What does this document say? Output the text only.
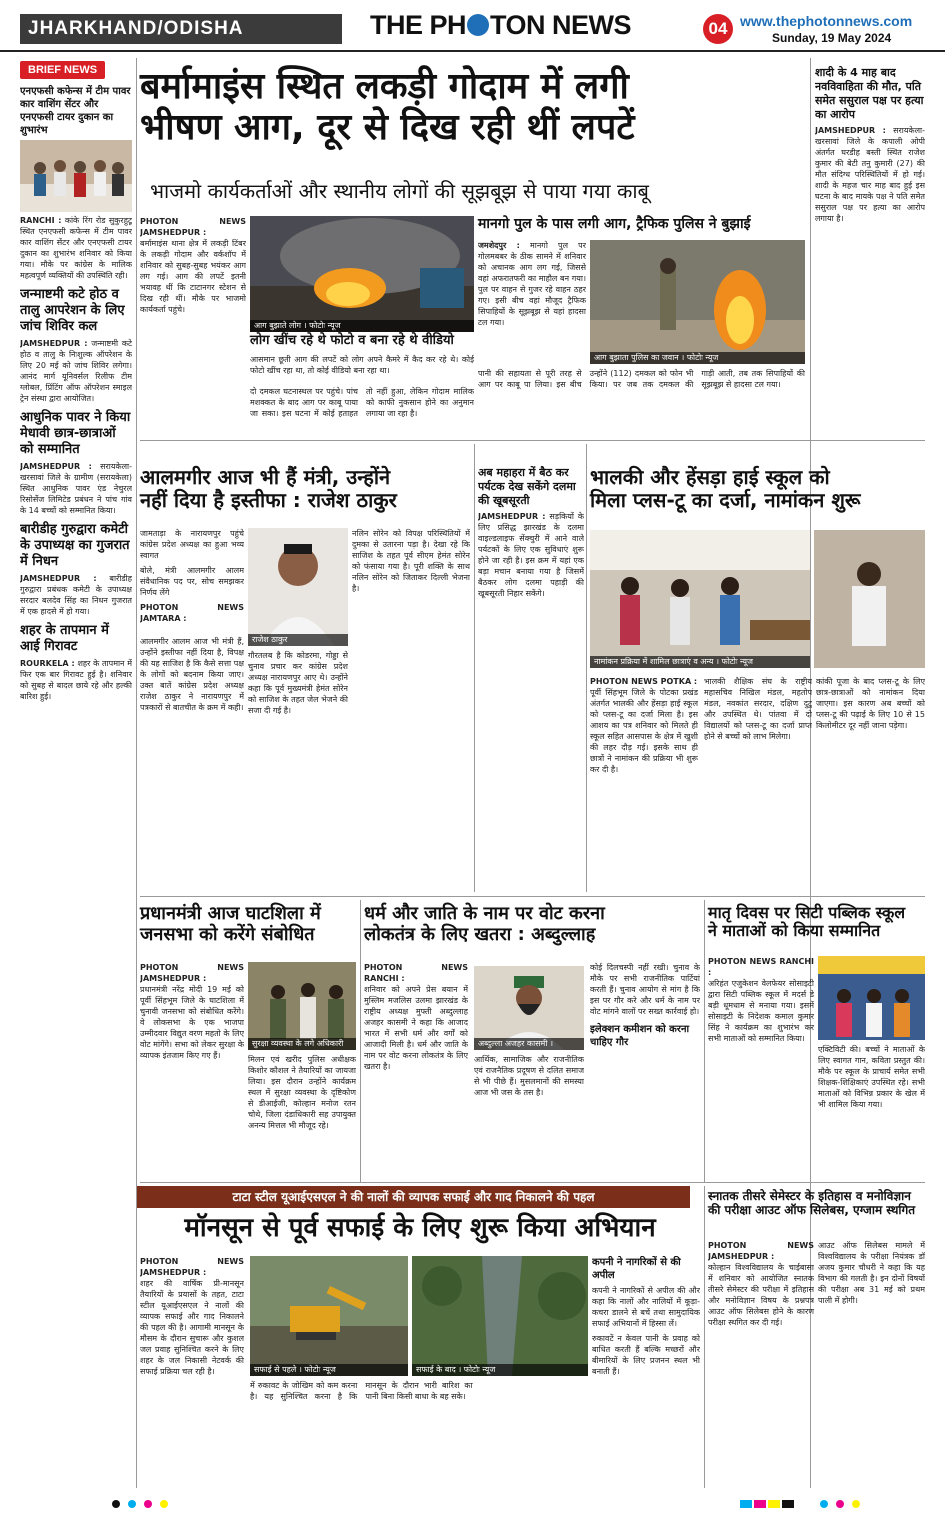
JHARKHAND/ODISHA	THE PH TON NEWS	04 www.thephotonnews.com
Sunday, 19 May 2024
BRIEF NEWS
एनएफसी कफेन्स में टीम पावर कार वाशिंग सेंटर और एनएफसी टायर दुकान का शुभारंभ

RANCHI : कांके रिंग रोड सुकुरहुटू स्थित एनएफसी कफेन्स में टीम पावर कार वाशिंग सेंटर और एनएफसी टायर दुकान का शुभारंभ शनिवार को किया गया। मौके पर कांग्रेस के मालिक महत्वपूर्ण व्यक्तियों की उपस्थिति रही।

जन्माष्टमी कटे होठ व तालु आपरेशन के लिए जांच शिविर कल

JAMSHEDPUR : जन्माष्टमी कटे होठ व तालु के निःशुल्क ऑपरेशन के लिए 20 मई को जांच शिविर लगेगा। आनंद मार्ग यूनिवर्सल रिलीफ टीम ग्लोबल, प्रिंटिंग ऑफ ऑपरेशन स्माइल ट्रेन संस्था द्वारा आयोजित।

आधुनिक पावर ने किया मेधावी छात्र-छात्राओं को सम्मानित

JAMSHEDPUR : सरायकेला-खरसावां जिले के ग्रामीण (सरायकेला) स्थित आधुनिक पावर एंड नेचुरल रिसोर्सेज लिमिटेड प्रबंधन ने पांच गांव के 14 बच्चों को सम्मानित किया।

बारीडीह गुरुद्वारा कमेटी के उपाध्यक्ष का गुजरात में निधन

JAMSHEDPUR : बारीडीह गुरुद्वारा प्रबंधक कमेटी के उपाध्यक्ष सरदार बलदेव सिंह का निधन गुजरात में एक हादसे में हो गया।

शहर के तापमान में आई गिरावट

ROURKELA : शहर के तापमान में फिर एक बार गिरावट हुई है। शनिवार को सुबह से बादल छाये रहे और हल्की बारिश हुई।

बर्मामाइंस स्थित लकड़ी गोदाम में लगी
भीषण आग, दूर से दिख रही थीं लपटें
भाजमो कार्यकर्ताओं और स्थानीय लोगों की सूझबूझ से पाया गया काबू
PHOTON NEWS JAMSHEDPUR :

बर्मामाइंस थाना क्षेत्र में लकड़ी टिंबर के लकड़ी गोदाम और वर्कशॉप में शनिवार को सुबह-सुबह भयंकर आग लग गई। आग की लपटें इतनी भयावह थीं कि टाटानगर स्टेशन से दिख रही थीं। मौके पर भाजमो कार्यकर्ता पहुंचे।

आग बुझाते लोग । फोटोः न्यूज
लोग खींच रहे थे फोटो व बना रहे थे वीडियो
आसमान छूती आग की लपटें को लोग अपने कैमरे में कैद कर रहे थे। कोई फोटो खींच रहा था, तो कोई वीडियो बना रहा था।
दो दमकल घटनास्थल पर पहुंचे। पांच मशक्कत के बाद आग पर काबू पाया जा सका। इस घटना में कोई हताहत तो नहीं हुआ, लेकिन गोदाम मालिक को काफी नुकसान होने का अनुमान लगाया जा रहा है।
मानगो पुल के पास लगी आग, ट्रैफिक पुलिस ने बुझाई
जमशेदपुर : मानगो पुल पर गोलमबबर के ठीक सामने में शनिवार को अचानक आग लग गई, जिससे वहां अफरातफरी का माहौल बन गया। पुल पर वाहन से गुजर रहे वाहन ठहर गए। इसी बीच वहां मौजूद ट्रैफिक सिपाहियों के सूझबूझ से यहां हादसा टल गया।
आग बुझाता पुलिस का जवान । फोटोः न्यूज
पानी की सहायता से पूरी तरह से आग पर काबू पा लिया। इस बीच उन्होंने (112) दमकल को फोन भी किया। पर जब तक दमकल की गाड़ी आती, तब तक सिपाहियों की सूझबूझ से हादसा टल गया।
शादी के 4 माह बाद नवविवाहिता की मौत, पति समेत ससुराल पक्ष पर हत्या का आरोप

JAMSHEDPUR : सरायकेला-खरसावां जिले के कपाली ओपी अंतर्गत घरडीह बस्ती स्थित राजेश कुमार की बेटी तनु कुमारी (27) की मौत संदिग्ध परिस्थितियों में हो गई। शादी के महज चार माह बाद हुई इस घटना के बाद मायके पक्ष ने पति समेत ससुराल पक्ष पर हत्या का आरोप लगाया है।

आलमगीर आज भी हैं मंत्री, उन्होंने
नहीं दिया है इस्तीफा : राजेश ठाकुर

जामताड़ा के नारायणपुर पहुंचे कांग्रेस प्रदेश अध्यक्ष का हुआ भव्य स्वागत

बोले, मंत्री आलमगीर आलम संवैधानिक पद पर, सोच समझकर निर्णय लेंगे

PHOTON NEWS JAMTARA :
राजेश ठाकुर
आलमगीर आलम आज भी मंत्री हैं, उन्होंने इस्तीफा नहीं दिया है, विपक्ष की यह साजिश है कि कैसे सत्ता पक्ष के लोगों को बदनाम किया जाए। उक्त बातें कांग्रेस प्रदेश अध्यक्ष राजेश ठाकुर ने नारायणपुर में पत्रकारों से बातचीत के क्रम में कही।
गौरतलब है कि कोडरमा, गोड्डा से चुनाव प्रचार कर कांग्रेस प्रदेश अध्यक्ष नारायणपुर आए थे। उन्होंने कहा कि पूर्व मुख्यमंत्री हेमंत सोरेन को साजिश के तहत जेल भेजने की सजा दी गई है।
नलिन सोरेन को विपक्ष परिस्थितियों में दुमका से उतारना पड़ा है। देखा रहे कि साजिश के तहत पूर्व सीएम हेमंत सोरेन को फंसाया गया है। पूरी शक्ति के साथ नलिन सोरेन को जिताकर दिल्ली भेजना है।
अब महाहरा में बैठ कर पर्यटक देख सकेंगे दलमा की खूबसूरती

JAMSHEDPUR : सड़कियों के लिए प्रसिद्ध झारखंड के दलमा वाइल्डलाइफ सेंक्चुरी में आने वाले पर्यटकों के लिए एक सुविधाएं शुरू होने जा रही है। इस क्रम में यहां एक बड़ा मचान बनाया गया है जिसमें बैठकर लोग दलमा पहाड़ी की खूबसूरती निहार सकेंगे।

भालकी और हेंसड़ा हाई स्कूल को
मिला प्लस-टू का दर्जा, नामांकन शुरू
नामांकन प्रक्रिया में शामिल छात्राएं व अन्य । फोटोः न्यूज
PHOTON NEWS POTKA :

पूर्वी सिंहभूम जिले के पोटका प्रखंड अंतर्गत भालकी और हेंसड़ा हाई स्कूल को प्लस-टू का दर्जा मिला है। इस आशय का पत्र शनिवार को मिलते ही स्कूल सहित आसपास के क्षेत्र में खुशी की लहर दौड़ गई। इसके साथ ही छात्रों ने नामांकन की प्रक्रिया भी शुरू कर दी है।

भालकी शैक्षिक संघ के राष्ट्रीय महासचिव निखिल मंडल, महतोप मंडल, नवकांत सरदार, दक्षिण दुटु और उपस्थित थे। पांतवा में दो विद्यालयों को प्लस-टू का दर्जा प्राप्त होने से बच्चों को लाभ मिलेगा।
कांकी पूजा के बाद प्लस-टू के लिए छात्र-छात्राओं को नामांकन दिया जाएगा। इस कारण अब बच्चों को प्लस-टू की पढ़ाई के लिए 10 से 15 किलोमीटर दूर नहीं जाना पड़ेगा।
प्रधानमंत्री आज घाटशिला में
जनसभा को करेंगे संबोधित
PHOTON NEWS JAMSHEDPUR :

प्रधानमंत्री नरेंद्र मोदी 19 मई को पूर्वी सिंहभूम जिले के घाटशिला में चुनावी जनसभा को संबोधित करेंगे। वे लोकसभा के एक भाजपा उम्मीदवार विद्युत वरण महतो के लिए वोट मांगेंगे। सभा को लेकर सुरक्षा के व्यापक इंतजाम किए गए हैं।

सुरक्षा व्यवस्था के लगे अधिकारी
मिलन एवं खरीद पुलिस अधीक्षक किशोर कौशल ने तैयारियों का जायजा लिया। इस दौरान उन्होंने कार्यक्रम स्थल में सुरक्षा व्यवस्था के दृष्टिकोण से डीआईजी, कोल्हान मनोज रतन चोथे, जिला दंडाधिकारी सह उपायुक्त अनन्य मित्तल भी मौजूद रहे।
धर्म और जाति के नाम पर वोट करना
लोकतंत्र के लिए खतरा : अब्दुल्लाह
PHOTON NEWS RANCHI :

शनिवार को अपने प्रेस बयान में मुस्लिम मजलिस उलमा झारखंड के राष्ट्रीय अध्यक्ष मुफ्ती अब्दुल्लाह अजहर कासमी ने कहा कि आजाद भारत में सभी धर्म और वर्गों को आजादी मिली है। धर्म और जाति के नाम पर वोट करना लोकतंत्र के लिए खतरा है।

अब्दुल्ला अजहर कासमी ।
आर्थिक, सामाजिक और राजनीतिक एवं राजनैतिक प्रदूषण से दलित समाज से भी पीछे हैं। मुसलमानों की समस्या आज भी जस के तस है।

कोई दिलचस्पी नहीं रखी। चुनाव के मौके पर सभी राजनीतिक पार्टियां करती हैं। चुनाव आयोग से मांग है कि इस पर गौर करे और धर्म के नाम पर वोट मांगने वालों पर सख्त कार्रवाई हो।

इलेक्शन कमीशन को करना चाहिए गौर
मातृ दिवस पर सिटी पब्लिक स्कूल
ने माताओं को किया सम्मानित
PHOTON NEWS RANCHI :

अरिहंत एजुकेशन वेलफेयर सोसाइटी द्वारा सिटी पब्लिक स्कूल में मदर्स डे बड़ी धूमधाम से मनाया गया। इसमें सोसाइटी के निदेशक कमाल कुमार सिंह ने कार्यक्रम का शुभारंभ कर सभी माताओं को सम्मानित किया।

एक्टिविटी की। बच्चों ने माताओं के लिए स्वागत गान, कविता प्रस्तुत की। मौके पर स्कूल के प्राचार्य समेत सभी शिक्षक-शिक्षिकाएं उपस्थित रहे। सभी माताओं को विभिन्न प्रकार के खेल में भी शामिल किया गया।
टाटा स्टील यूआईएसएल ने की नालों की व्यापक सफाई और गाद निकालने की पहल
मॉनसून से पूर्व सफाई के लिए शुरू किया अभियान
PHOTON NEWS JAMSHEDPUR :

शहर की वार्षिक प्री-मानसून तैयारियों के प्रयासों के तहत, टाटा स्टील यूआईएसएल ने नालों की व्यापक सफाई और गाद निकालने की पहल की है। आगामी मानसून के मौसम के दौरान सुचारू और कुशल जल प्रवाह सुनिश्चित करने के लिए शहर के जल निकासी नेटवर्क की सफाई प्रक्रिया चल रही है।	सफाई से पहले । फोटोः न्यूज	सफाई के बाद । फोटोः न्यूज
में रुकावट के जोखिम को कम करना है। यह सुनिश्चित करना है कि मानसून के दौरान भारी बारिश का पानी बिना किसी बाधा के बह सके।
कपनी ने नागरिकों से की अपील

कपनी ने नागरिकों से अपील की और कहा कि नालों और नालियों में कूड़ा-कचरा डालने से बचें तथा सामुदायिक सफाई अभियानों में हिस्सा लें।

रुकावटें न केवल पानी के प्रवाह को बाधित करती हैं बल्कि मच्छरों और बीमारियों के लिए प्रजनन स्थल भी बनाती हैं।

स्नातक तीसरे सेमेस्टर के इतिहास व मनोविज्ञान की परीक्षा आउट ऑफ सिलेबस, एग्जाम स्थगित
PHOTON NEWS JAMSHEDPUR :

कोल्हान विश्वविद्यालय के चाईबासा में शनिवार को आयोजित स्नातक तीसरे सेमेस्टर की परीक्षा में इतिहास और मनोविज्ञान विषय के प्रश्नपत्र आउट ऑफ सिलेबस होने के कारण परीक्षा स्थगित कर दी गई।

आउट ऑफ सिलेबस मामले में विश्वविद्यालय के परीक्षा नियंत्रक डॉ अजय कुमार चौधरी ने कहा कि यह विभाग की गलती है। इन दोनों विषयों की परीक्षा अब 31 मई को प्रथम पाली में होगी।
